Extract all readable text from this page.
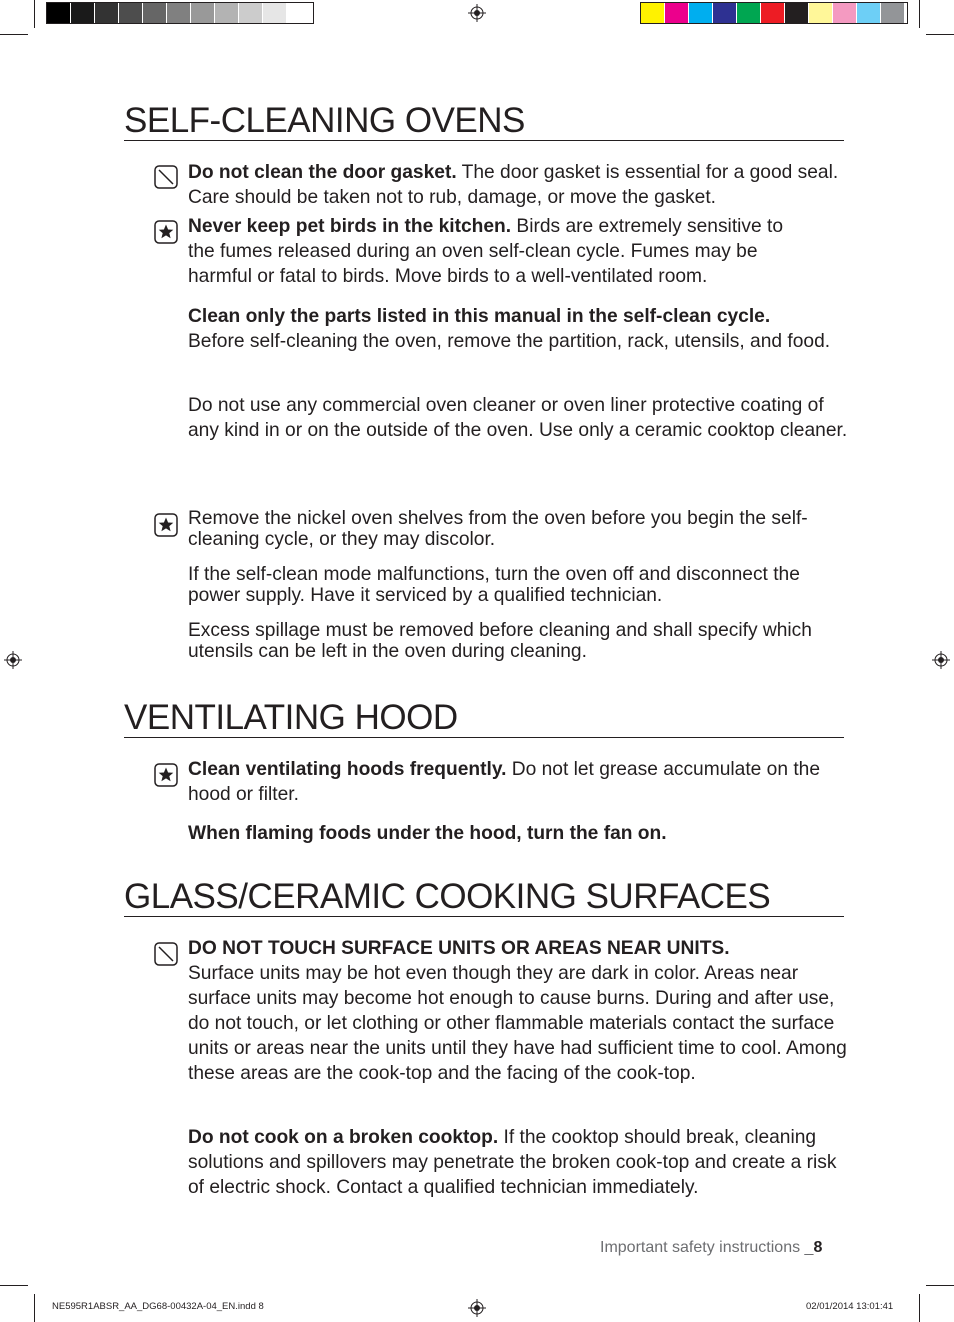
SELF-CLEANING OVENS
Do not clean the door gasket. The door gasket is essential for a good seal. Care should be taken not to rub, damage, or move the gasket.
Never keep pet birds in the kitchen. Birds are extremely sensitive to the fumes released during an oven self-clean cycle. Fumes may be harmful or fatal to birds. Move birds to a well-ventilated room.
Clean only the parts listed in this manual in the self-clean cycle.
Before self-cleaning the oven, remove the partition, rack, utensils, and food.
Do not use any commercial oven cleaner or oven liner protective coating of any kind in or on the outside of the oven. Use only a ceramic cooktop cleaner.
Remove the nickel oven shelves from the oven before you begin the self-cleaning cycle, or they may discolor.
If the self-clean mode malfunctions, turn the oven off and disconnect the power supply. Have it serviced by a qualified technician.
Excess spillage must be removed before cleaning and shall specify which utensils can be left in the oven during cleaning.
VENTILATING HOOD
Clean ventilating hoods frequently. Do not let grease accumulate on the hood or filter.
When flaming foods under the hood, turn the fan on.
GLASS/CERAMIC COOKING SURFACES
DO NOT TOUCH SURFACE UNITS OR AREAS NEAR UNITS.
Surface units may be hot even though they are dark in color. Areas near surface units may become hot enough to cause burns. During and after use, do not touch, or let clothing or other flammable materials contact the surface units or areas near the units until they have had sufficient time to cool. Among these areas are the cook-top and the facing of the cook-top.
Do not cook on a broken cooktop. If the cooktop should break, cleaning solutions and spillovers may penetrate the broken cook-top and create a risk of electric shock. Contact a qualified technician immediately.
Important safety instructions _8
NE595R1ABSR_AA_DG68-00432A-04_EN.indd 8	02/01/2014 13:01:41
